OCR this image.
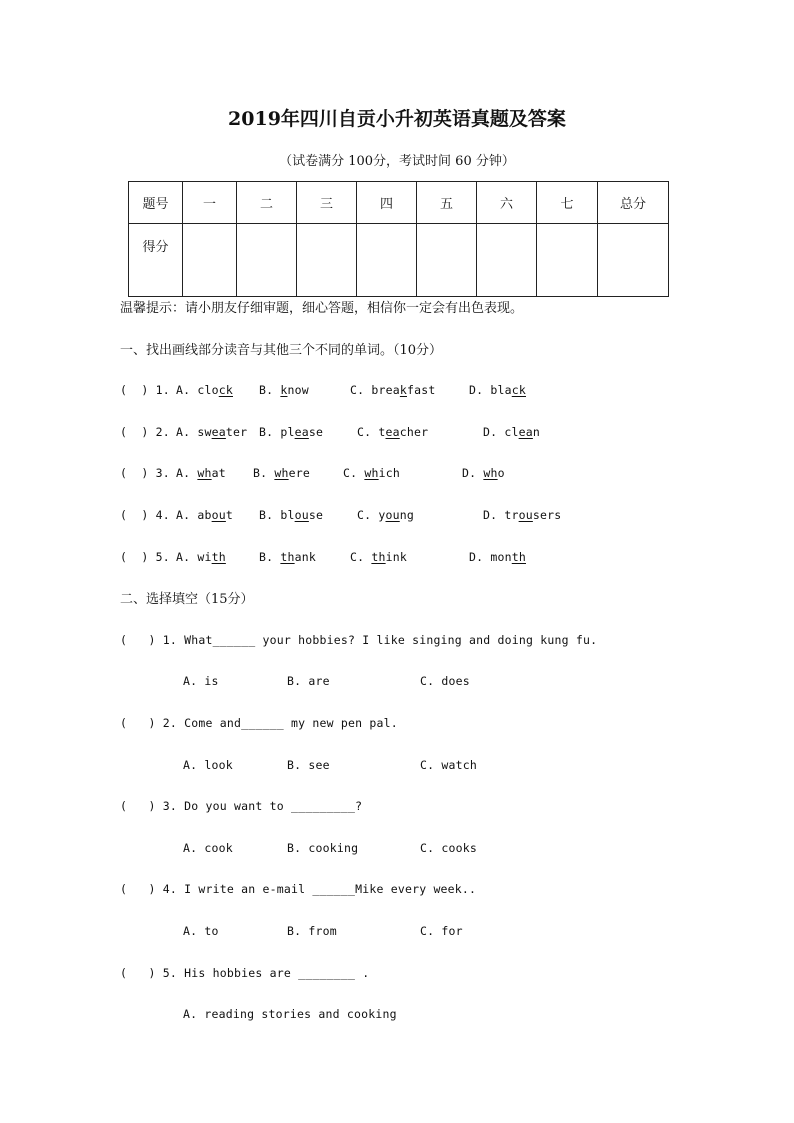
2019年四川自贡小升初英语真题及答案
（试卷满分 100分，考试时间 60 分钟）
题号	一	二	三	四	五	六	七	总分
得分								
温馨提示：请小朋友仔细审题，细心答题，相信你一定会有出色表现。
一、找出画线部分读音与其他三个不同的单词。（10分）
(  ) 1. A. clock B. know	C. breakfast	D. black
(  ) 2. A. sweater B. please	C. teacher	D. clean
(  ) 3. A. what B. where	C. which	D. who
(  ) 4. A. about B. blouse	C. young	D. trousers
(  ) 5. A. with	B. thank	C. think	D. month
二、选择填空（15分）
(   ) 1. What______ your hobbies? I like singing and doing kung fu.
A. is	B. are	C. does
(   ) 2. Come and______ my new pen pal.
A. look	B. see	C. watch
(   ) 3. Do you want to _________?
A. cook	B. cooking	C. cooks
(   ) 4. I write an e-mail ______Mike every week..
A. to	B. from	C. for
(   ) 5. His hobbies are ________ .
A. reading stories and cooking
